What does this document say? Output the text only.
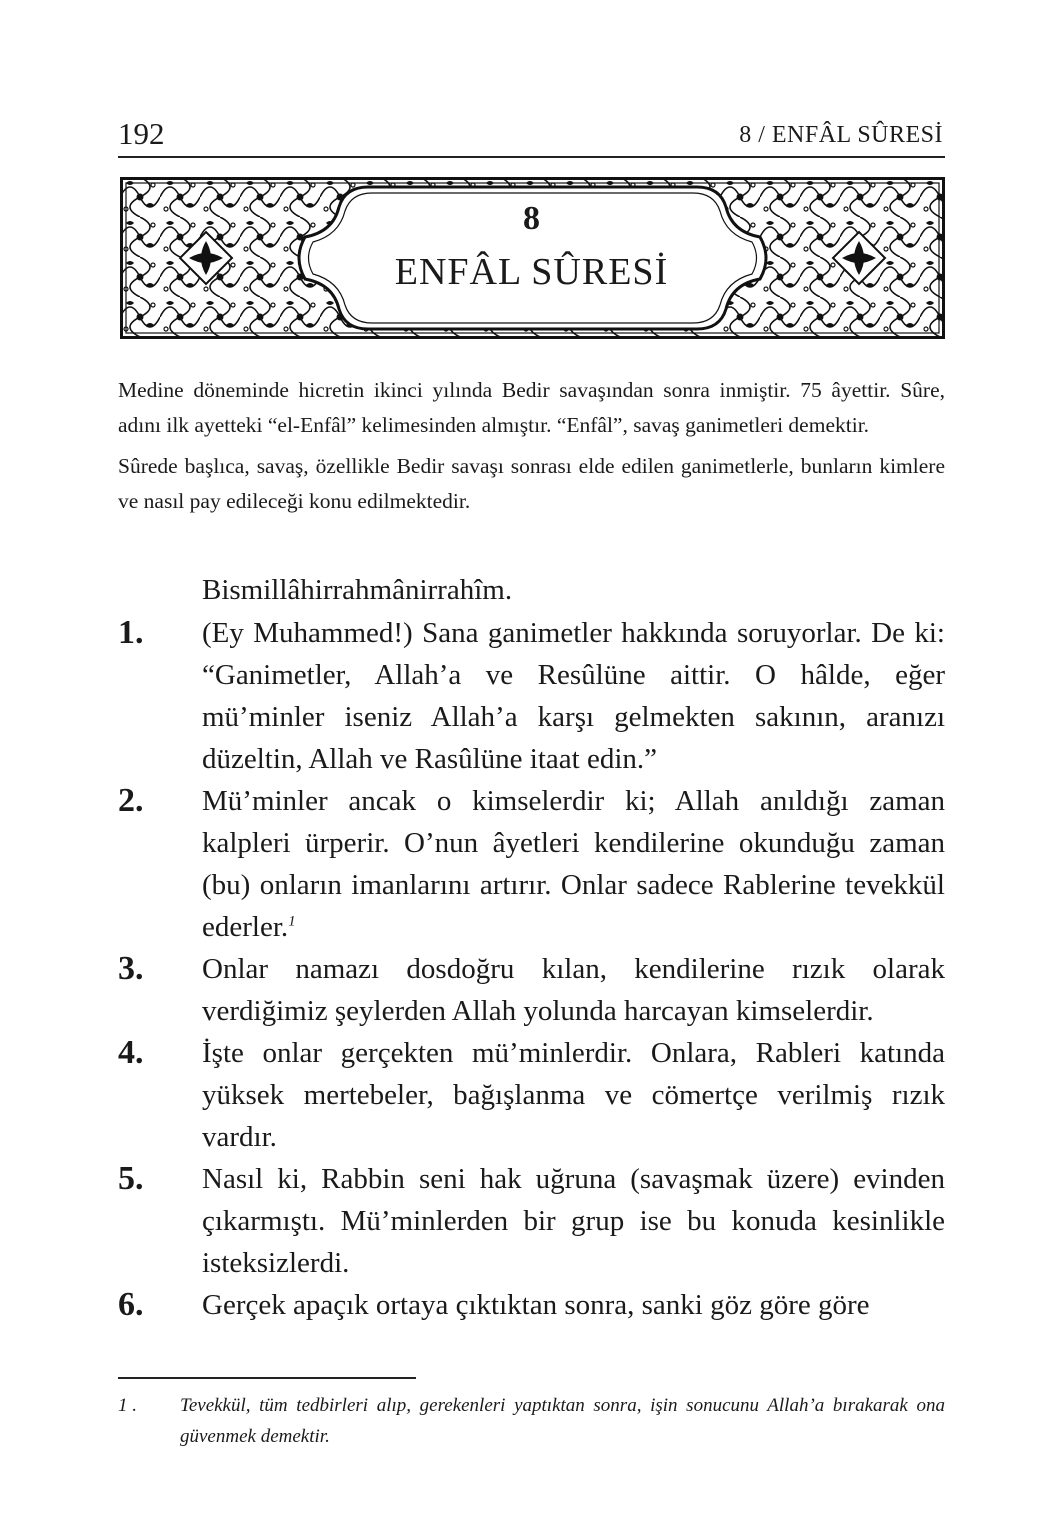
192	8 / ENFÂL SÛRESİ
8
ENFÂL SÛRESİ

Medine döneminde hicretin ikinci yılında Bedir savaşından sonra inmiştir. 75 âyettir. Sûre, adını ilk ayetteki “el-Enfâl” kelimesinden almıştır. “Enfâl”, savaş ganimetleri demektir.

Sûrede başlıca, savaş, özellikle Bedir savaşı sonrası elde edilen ganimetlerle, bunların kimlere ve nasıl pay edileceği konu edilmektedir.

Bismillâhirrahmânirrahîm.
1. (Ey Muhammed!) Sana ganimetler hakkında soruyorlar. De ki: “Ganimetler, Allah’a ve Resûlüne aittir. O hâlde, eğer mü’minler iseniz Allah’a karşı gelmekten sakının, aranızı düzeltin, Allah ve Rasûlüne itaat edin.”
2. Mü’minler ancak o kimselerdir ki; Allah anıldığı zaman kalpleri ürperir. O’nun âyetleri kendilerine okunduğu zaman (bu) onların imanlarını artırır. Onlar sadece Rablerine tevekkül ederler.$^1$
3. Onlar namazı dosdoğru kılan, kendilerine rızık olarak verdiğimiz şeylerden Allah yolunda harcayan kimselerdir.
4. İşte onlar gerçekten mü’minlerdir. Onlara, Rableri katında yüksek mertebeler, bağışlanma ve cömertçe verilmiş rızık vardır.
5. Nasıl ki, Rabbin seni hak uğruna (savaşmak üzere) evinden çıkarmıştı. Mü’minlerden bir grup ise bu konuda kesinlikle isteksizlerdi.
6. Gerçek apaçık ortaya çıktıktan sonra, sanki göz göre göre
1 .	Tevekkül, tüm tedbirleri alıp, gerekenleri yaptıktan sonra, işin sonucunu Allah’a bırakarak ona güvenmek demektir.
